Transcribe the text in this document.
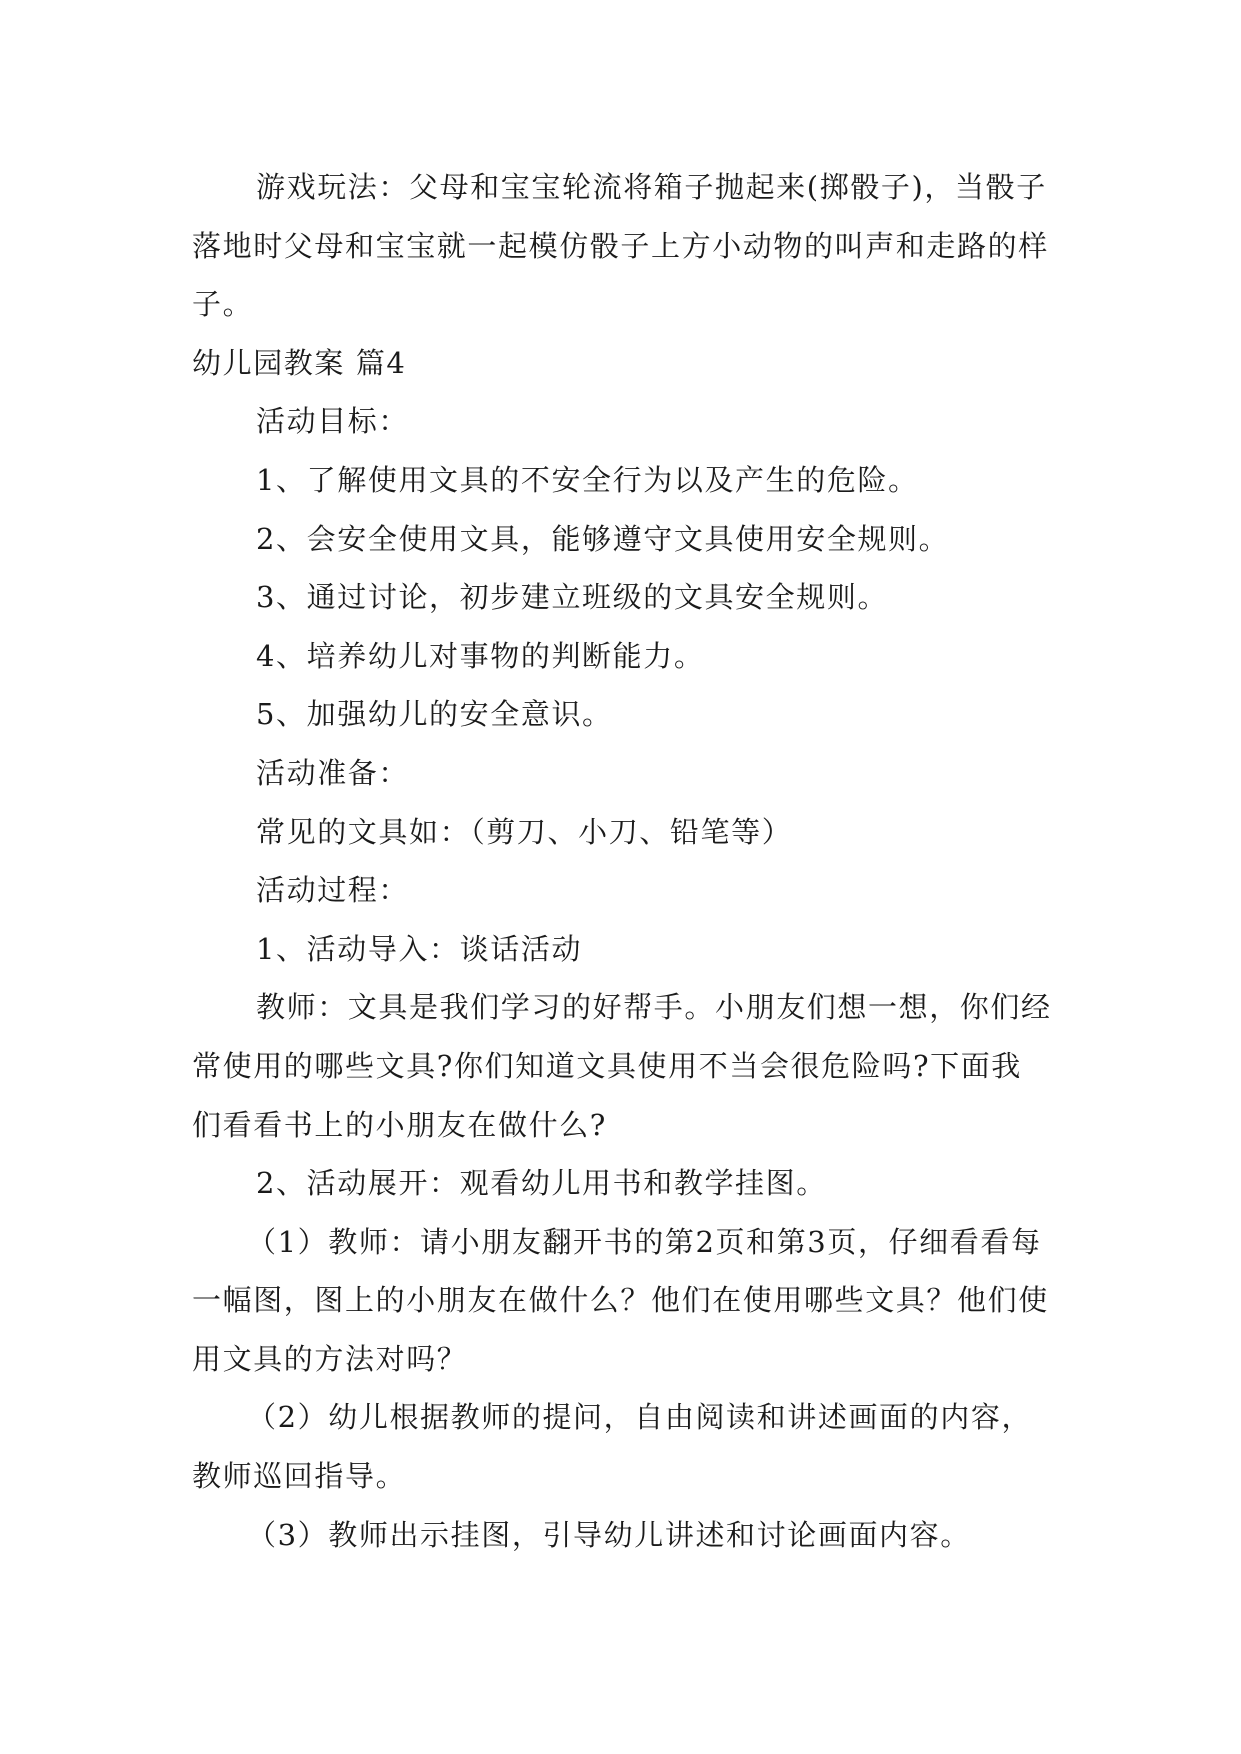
游戏玩法：父母和宝宝轮流将箱子抛起来(掷骰子)，当骰子落地时父母和宝宝就一起模仿骰子上方小动物的叫声和走路的样子。

幼儿园教案 篇4

活动目标：

1、了解使用文具的不安全行为以及产生的危险。

2、会安全使用文具，能够遵守文具使用安全规则。

3、通过讨论，初步建立班级的文具安全规则。

4、培养幼儿对事物的判断能力。

5、加强幼儿的安全意识。

活动准备：

常见的文具如：（剪刀、小刀、铅笔等）

活动过程：

1、活动导入：谈话活动

教师：文具是我们学习的好帮手。小朋友们想一想，你们经常使用的哪些文具?你们知道文具使用不当会很危险吗?下面我们看看书上的小朋友在做什么?

2、活动展开：观看幼儿用书和教学挂图。

（1）教师：请小朋友翻开书的第2页和第3页，仔细看看每一幅图，图上的小朋友在做什么？他们在使用哪些文具？他们使用文具的方法对吗？

（2）幼儿根据教师的提问，自由阅读和讲述画面的内容，教师巡回指导。

（3）教师出示挂图，引导幼儿讲述和讨论画面内容。
